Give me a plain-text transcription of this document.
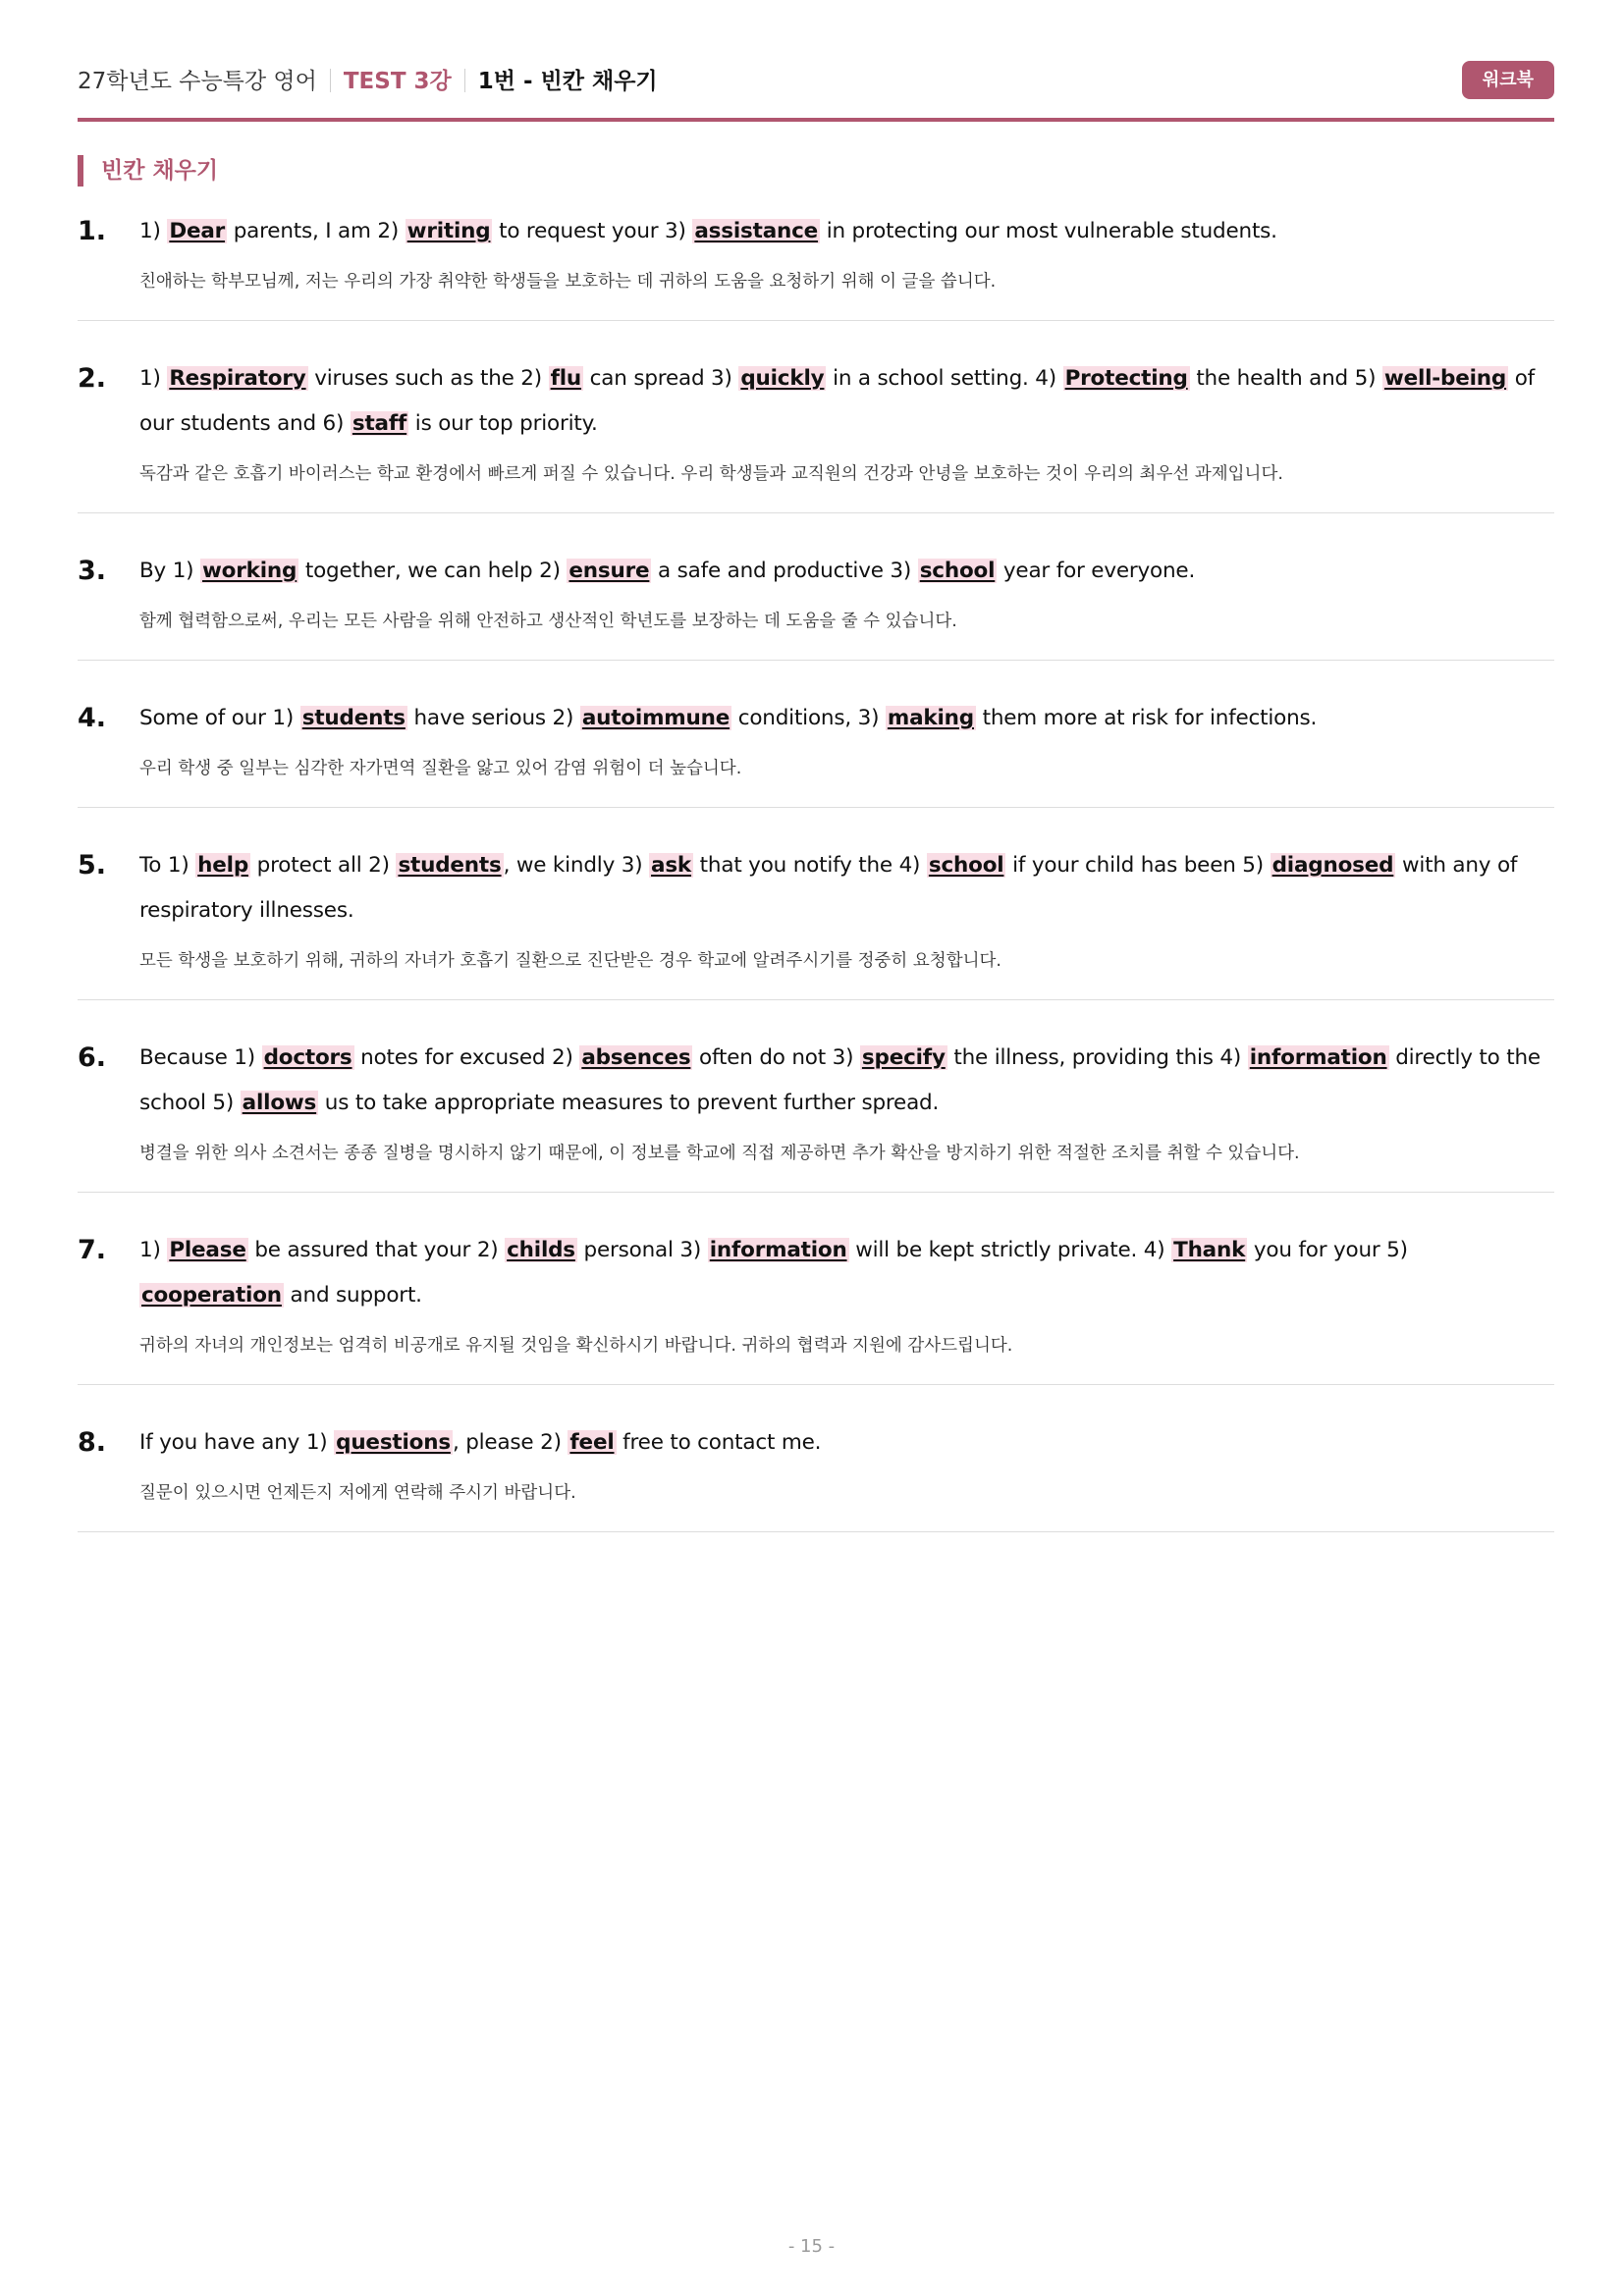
27학년도 수능특강 영어 TEST 3강 1번 - 빈칸 채우기	워크북
빈칸 채우기
1. 1) Dear parents, I am 2) writing to request your 3) assistance in protecting our most vulnerable students.
친애하는 학부모님께, 저는 우리의 가장 취약한 학생들을 보호하는 데 귀하의 도움을 요청하기 위해 이 글을 씁니다.
2. 1) Respiratory viruses such as the 2) flu can spread 3) quickly in a school setting. 4) Protecting the health and 5) well-being of our students and 6) staff is our top priority.
독감과 같은 호흡기 바이러스는 학교 환경에서 빠르게 퍼질 수 있습니다. 우리 학생들과 교직원의 건강과 안녕을 보호하는 것이 우리의 최우선 과제입니다.
3. By 1) working together, we can help 2) ensure a safe and productive 3) school year for everyone.
함께 협력함으로써, 우리는 모든 사람을 위해 안전하고 생산적인 학년도를 보장하는 데 도움을 줄 수 있습니다.
4. Some of our 1) students have serious 2) autoimmune conditions, 3) making them more at risk for infections.
우리 학생 중 일부는 심각한 자가면역 질환을 앓고 있어 감염 위험이 더 높습니다.
5. To 1) help protect all 2) students, we kindly 3) ask that you notify the 4) school if your child has been 5) diagnosed with any of respiratory illnesses.
모든 학생을 보호하기 위해, 귀하의 자녀가 호흡기 질환으로 진단받은 경우 학교에 알려주시기를 정중히 요청합니다.
6. Because 1) doctors notes for excused 2) absences often do not 3) specify the illness, providing this 4) information directly to the school 5) allows us to take appropriate measures to prevent further spread.
병결을 위한 의사 소견서는 종종 질병을 명시하지 않기 때문에, 이 정보를 학교에 직접 제공하면 추가 확산을 방지하기 위한 적절한 조치를 취할 수 있습니다.
7. 1) Please be assured that your 2) childs personal 3) information will be kept strictly private. 4) Thank you for your 5) cooperation and support.
귀하의 자녀의 개인정보는 엄격히 비공개로 유지될 것임을 확신하시기 바랍니다. 귀하의 협력과 지원에 감사드립니다.
8. If you have any 1) questions, please 2) feel free to contact me.
질문이 있으시면 언제든지 저에게 연락해 주시기 바랍니다.
- 15 -
